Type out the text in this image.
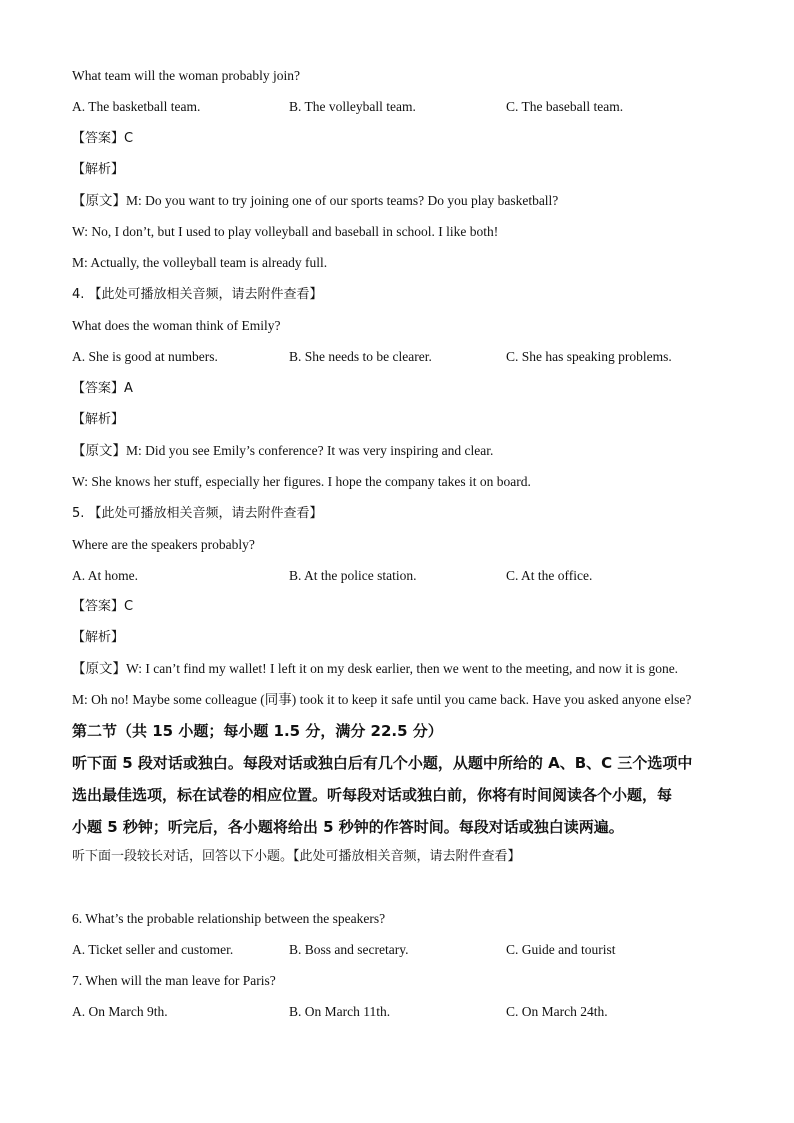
What team will the woman probably join?
A. The basketball team.	B. The volleyball team.	C. The baseball team.
【答案】C
【解析】
【原文】M: Do you want to try joining one of our sports teams? Do you play basketball?
W: No, I don’t, but I used to play volleyball and baseball in school. I like both!
M: Actually, the volleyball team is already full.
4. 【此处可播放相关音频，请去附件查看】
What does the woman think of Emily?
A. She is good at numbers.	B. She needs to be clearer.	C. She has speaking problems.
【答案】A
【解析】
【原文】M: Did you see Emily’s conference? It was very inspiring and clear.
W: She knows her stuff, especially her figures. I hope the company takes it on board.
5. 【此处可播放相关音频，请去附件查看】
Where are the speakers probably?
A. At home.	B. At the police station.	C. At the office.
【答案】C
【解析】
【原文】W: I can’t find my wallet! I left it on my desk earlier, then we went to the meeting, and now it is gone.
M: Oh no! Maybe some colleague (同事) took it to keep it safe until you came back. Have you asked anyone else?
第二节（共 15 小题；每小题 1.5 分，满分 22.5 分）
听下面 5 段对话或独白。每段对话或独白后有几个小题，从题中所给的 A、B、C 三个选项中
选出最佳选项，标在试卷的相应位置。听每段对话或独白前，你将有时间阅读各个小题，每
小题 5 秒钟；听完后，各小题将给出 5 秒钟的作答时间。每段对话或独白读两遍。
听下面一段较长对话，回答以下小题。【此处可播放相关音频，请去附件查看】
6. What’s the probable relationship between the speakers?
A. Ticket seller and customer.	B. Boss and secretary.	C. Guide and tourist
7. When will the man leave for Paris?
A. On March 9th.	B. On March 11th.	C. On March 24th.
